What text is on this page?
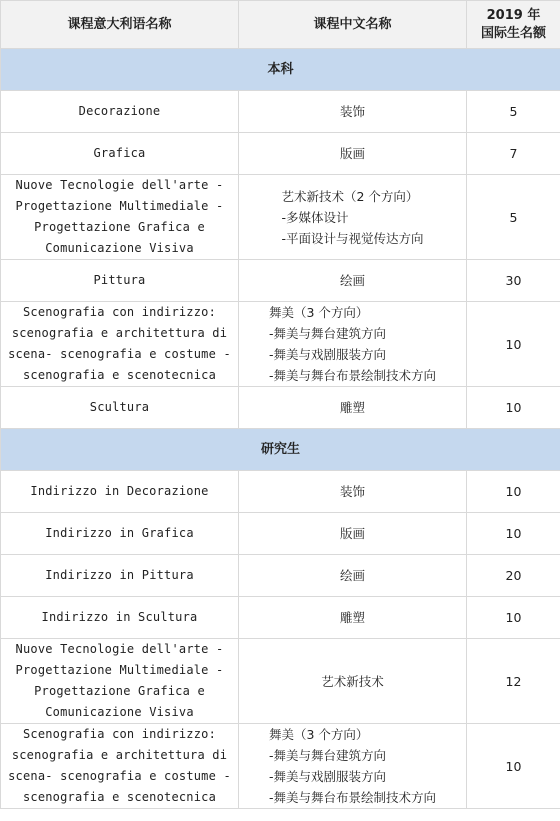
课程意大利语名称	课程中文名称	2019 年
国际生名额

本科		

Decorazione	装饰	5

Grafica	版画	7

Nuove Tecnologie dell'arte -
Progettazione Multimediale -
Progettazione Grafica e
Comunicazione Visiva	艺术新技术（2 个方向）
-多媒体设计
-平面设计与视觉传达方向	5

Pittura	绘画	30

Scenografia con indirizzo:
scenografia e architettura di
scena- scenografia e costume -
scenografia e scenotecnica	舞美（3 个方向）
-舞美与舞台建筑方向
-舞美与戏剧服装方向
-舞美与舞台布景绘制技术方向	10

Scultura	雕塑	10
研究生		

Indirizzo in Decorazione	装饰	10

Indirizzo in Grafica	版画	10

Indirizzo in Pittura	绘画	20

Indirizzo in Scultura	雕塑	10

Nuove Tecnologie dell'arte -
Progettazione Multimediale -
Progettazione Grafica e
Comunicazione Visiva	艺术新技术	12

Scenografia con indirizzo:
scenografia e architettura di
scena- scenografia e costume -
scenografia e scenotecnica	舞美（3 个方向）
-舞美与舞台建筑方向
-舞美与戏剧服装方向
-舞美与舞台布景绘制技术方向	10
